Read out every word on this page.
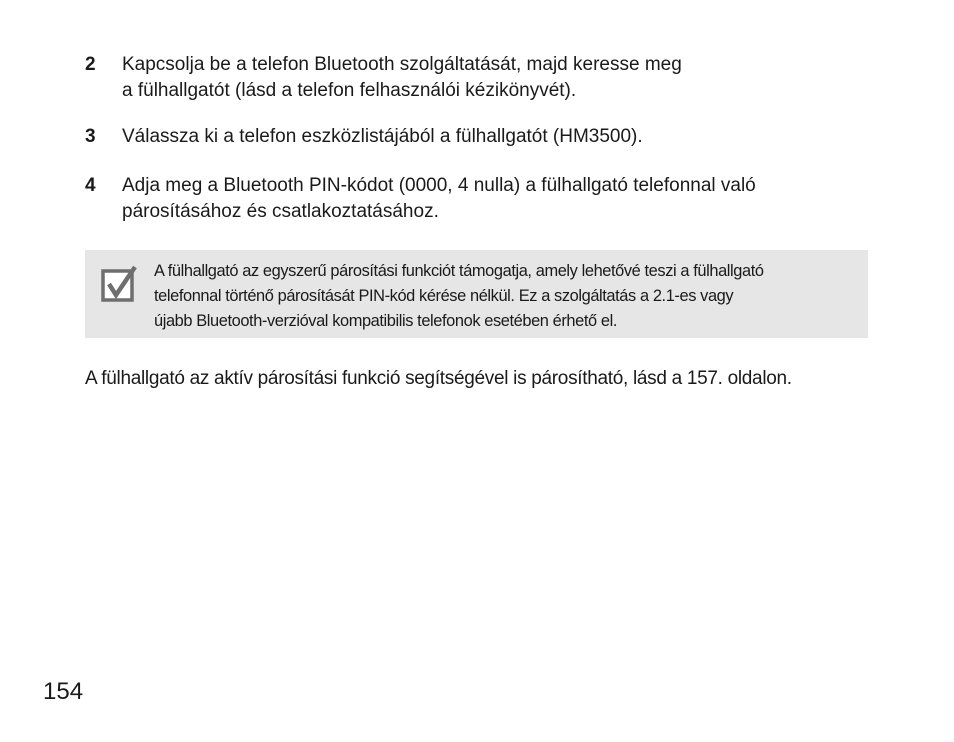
2	Kapcsolja be a telefon Bluetooth szolgáltatását, majd keresse meg
a fülhallgatót (lásd a telefon felhasználói kézikönyvét).
3	Válassza ki a telefon eszközlistájából a fülhallgatót (HM3500).
4	Adja meg a Bluetooth PIN-kódot (0000, 4 nulla) a fülhallgató telefonnal való
párosításához és csatlakoztatásához.
A fülhallgató az egyszerű párosítási funkciót támogatja, amely lehetővé teszi a fülhallgató
telefonnal történő párosítását PIN-kód kérése nélkül. Ez a szolgáltatás a 2.1-es vagy
újabb Bluetooth-verzióval kompatibilis telefonok esetében érhető el.
A fülhallgató az aktív párosítási funkció segítségével is párosítható, lásd a 157. oldalon.
154
